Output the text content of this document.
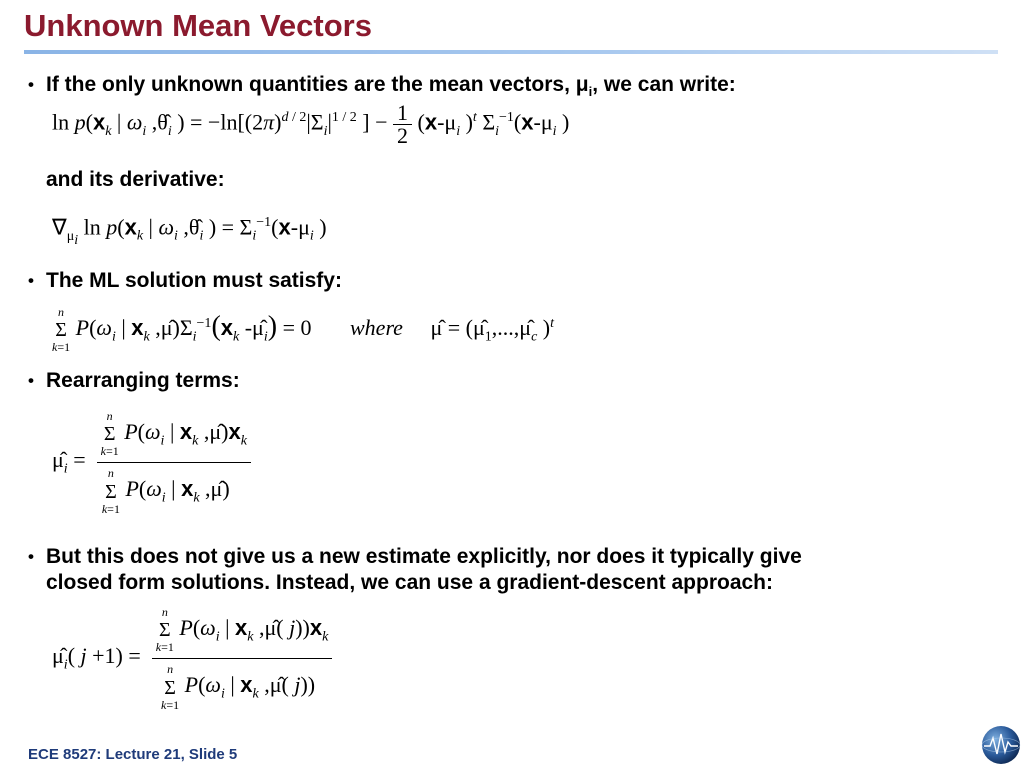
Unknown Mean Vectors
• If the only unknown quantities are the mean vectors, $\mu_i$, we can write:
$\ln p(x_k$ | $\omega_i$ $,\thetâ_i$ ) = $-\ln[(2\pi)^{d / 2}|\Sigma_i|^{1 / 2}$ ] − $\frac{1}{2} (x-\mu_i$ )$^t$ $\Sigma_i^{-1}(x-\mu_i$ )
and its derivative:
$\nabla_{\mu_i}$ $\ln p(x_k$ | $\omega_i$ $,\thetâ_i$ ) = $\Sigma_i^{-1}(x-\mu_i$ )
• The ML solution must satisfy:
n
Σ
k=1
$P(\omega_i$ | $x_k$ $,\mû)\Sigma_i^{-1}(x_k$ $-\mû_i) = 0$       where     μ̂ = ($\mû_1,...,\mû_c$ )$^t$
• Rearranging terms:
$\mû_i = n$
Σ
k=1
$P(\omega_i$ | $x_k$ $,\mû)x_k$
n
Σ
k=1
$P(\omega_i$ | $x_k$ ,μ̂)
• But this does not give us a new estimate explicitly, nor does it typically give
closed form solutions. Instead, we can use a gradient-descent approach:
$\mû_i$( j +1) = n
Σ
k=1
$P(\omega_i$ | $x_k$ ,μ̂( $j))x_k$
n
Σ
k=1
$P(\omega_i$ | $x_k$ ,μ̂( j))
ECE 8527: Lecture 21, Slide 5
